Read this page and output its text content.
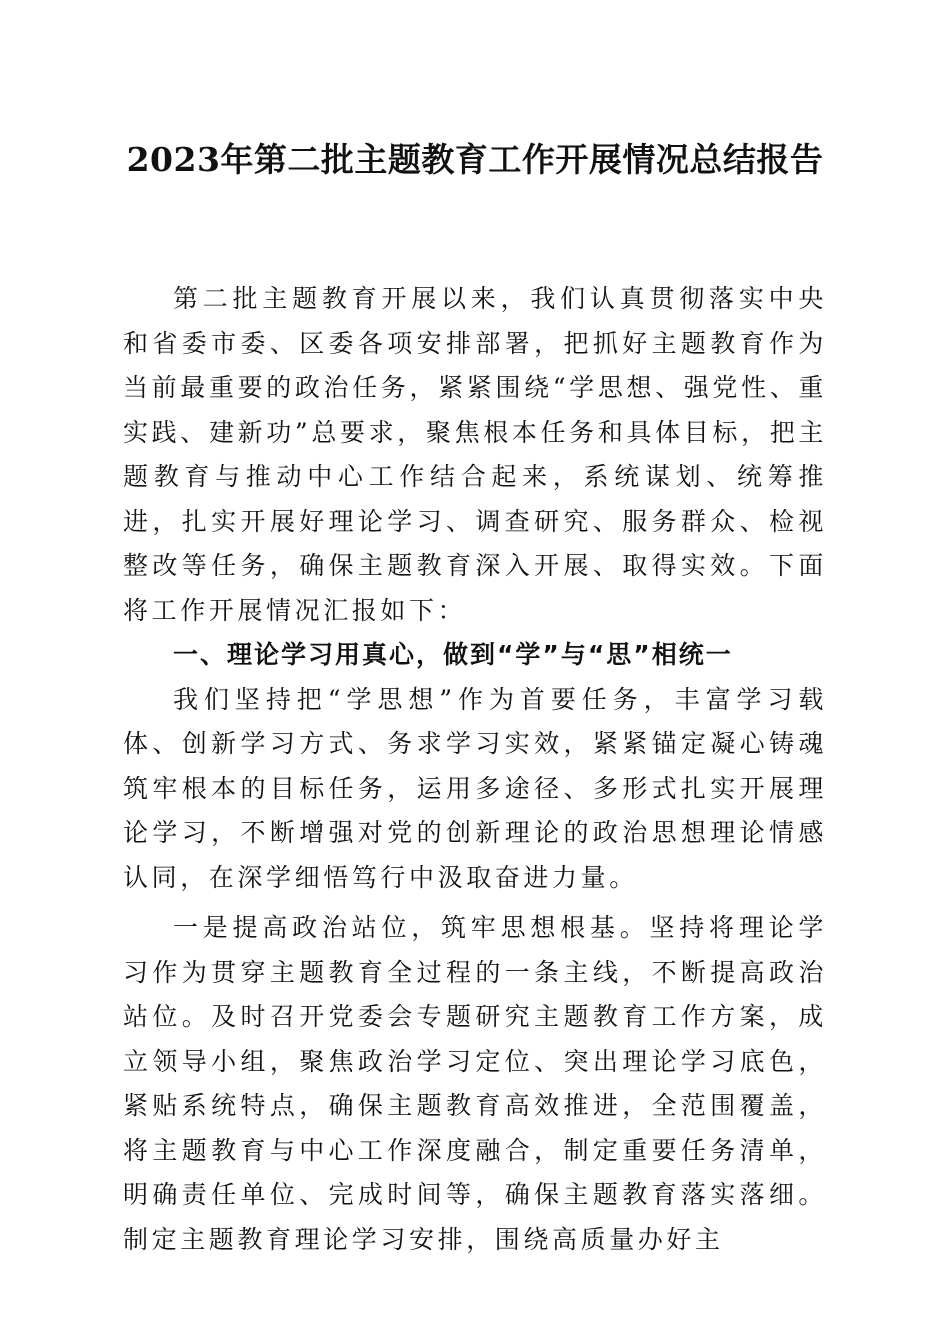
2023年第二批主题教育工作开展情况总结报告

第二批主题教育开展以来，我们认真贯彻落实中央和省委市委、区委各项安排部署，把抓好主题教育作为当前最重要的政治任务，紧紧围绕“学思想、强党性、重实践、建新功”总要求，聚焦根本任务和具体目标，把主题教育与推动中心工作结合起来，系统谋划、统筹推进，扎实开展好理论学习、调查研究、服务群众、检视整改等任务，确保主题教育深入开展、取得实效。下面将工作开展情况汇报如下：

一、理论学习用真心，做到“学”与“思”相统一

我们坚持把“学思想”作为首要任务，丰富学习载体、创新学习方式、务求学习实效，紧紧锚定凝心铸魂筑牢根本的目标任务，运用多途径、多形式扎实开展理论学习，不断增强对党的创新理论的政治思想理论情感认同，在深学细悟笃行中汲取奋进力量。

一是提高政治站位，筑牢思想根基。坚持将理论学习作为贯穿主题教育全过程的一条主线，不断提高政治站位。及时召开党委会专题研究主题教育工作方案，成立领导小组，聚焦政治学习定位、突出理论学习底色，紧贴系统特点，确保主题教育高效推进，全范围覆盖，将主题教育与中心工作深度融合，制定重要任务清单，明确责任单位、完成时间等，确保主题教育落实落细。制定主题教育理论学习安排，围绕高质量办好主
